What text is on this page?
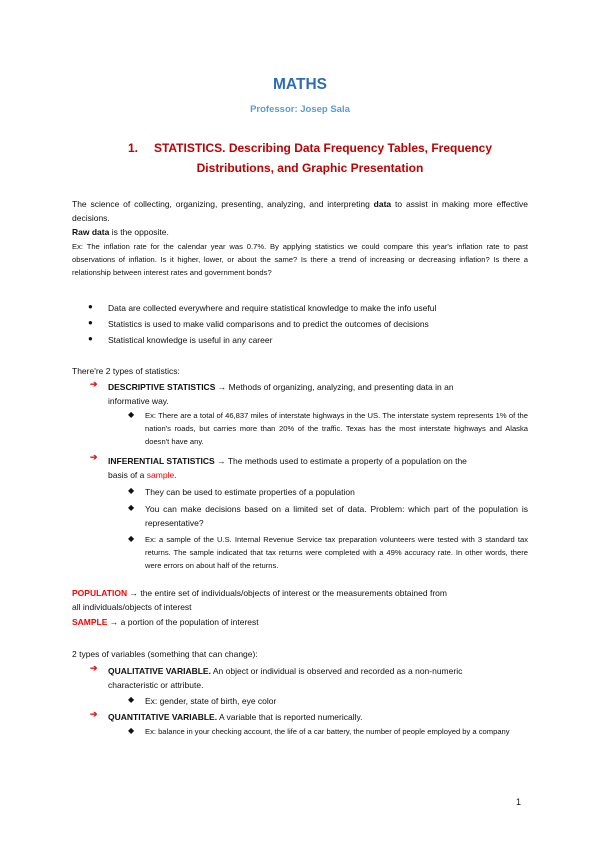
MATHS
Professor: Josep Sala
1. STATISTICS. Describing Data Frequency Tables, Frequency
Distributions, and Graphic Presentation

The science of collecting, organizing, presenting, analyzing, and interpreting data to assist in making more effective decisions.

Raw data is the opposite.

Ex: The inflation rate for the calendar year was 0.7%. By applying statistics we could compare this year's inflation rate to past observations of inflation. Is it higher, lower, or about the same? Is there a trend of increasing or decreasing inflation? Is there a relationship between interest rates and government bonds?

● Data are collected everywhere and require statistical knowledge to make the info useful
● Statistics is used to make valid comparisons and to predict the outcomes of decisions
● Statistical knowledge is useful in any career
There're 2 types of statistics:
➔ DESCRIPTIVE STATISTICS → Methods of organizing, analyzing, and presenting data in an
informative way.

◆ Ex: There are a total of 46,837 miles of interstate highways in the US. The interstate system represents 1% of the nation's roads, but carries more than 20% of the traffic. Texas has the most interstate highways and Alaska doesn't have any.

➔ INFERENTIAL STATISTICS → The methods used to estimate a property of a population on the
basis of a sample.

◆ They can be used to estimate properties of a population
◆ You can make decisions based on a limited set of data. Problem: which part of the population is representative?

◆ Ex: a sample of the U.S. Internal Revenue Service tax preparation volunteers were tested with 3 standard tax returns. The sample indicated that tax returns were completed with a 49% accuracy rate. In other words, there were errors on about half of the returns.

POPULATION → the entire set of individuals/objects of interest or the measurements obtained from
all individuals/objects of interest

SAMPLE → a portion of the population of interest

2 types of variables (something that can change):
➔ QUALITATIVE VARIABLE. An object or individual is observed and recorded as a non-numeric
characteristic or attribute.

◆ Ex: gender, state of birth, eye color
➔ QUANTITATIVE VARIABLE. A variable that is reported numerically.

◆ Ex: balance in your checking account, the life of a car battery, the number of people employed by a company

1
